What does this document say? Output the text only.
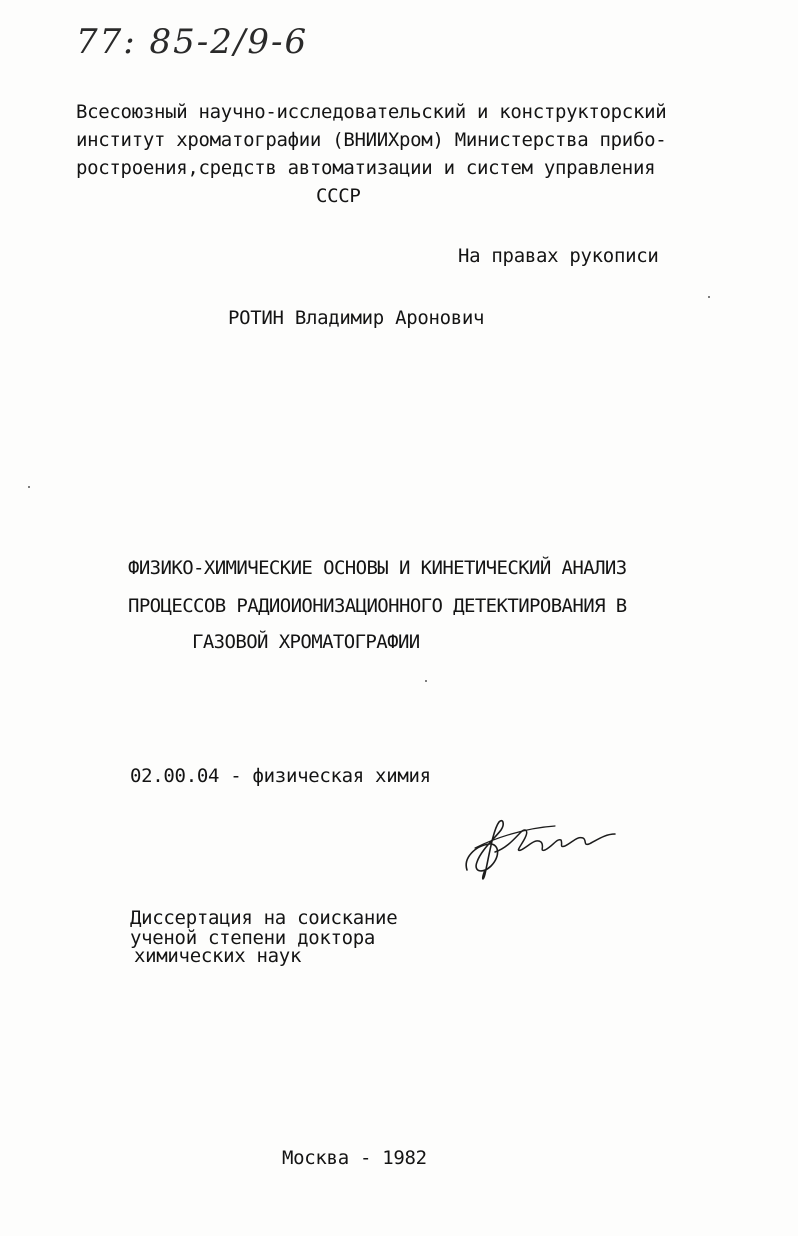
77: 85-2/9-6
Всесоюзный научно-исследовательский и конструкторский
институт хроматографии (ВНИИХром) Министерства прибо-
ростроения,средств автоматизации и систем управления
СССР
На правах рукописи
РОТИН Владимир Аронович
ФИЗИКО-ХИМИЧЕСКИЕ ОСНОВЫ И КИНЕТИЧЕСКИЙ АНАЛИЗ
ПРОЦЕССОВ РАДИОИОНИЗАЦИОННОГО ДЕТЕКТИРОВАНИЯ В
ГАЗОВОЙ ХРОМАТОГРАФИИ
02.00.04 - физическая химия
Диссертация на соискание
ученой степени доктора
химических наук
Москва - 1982
